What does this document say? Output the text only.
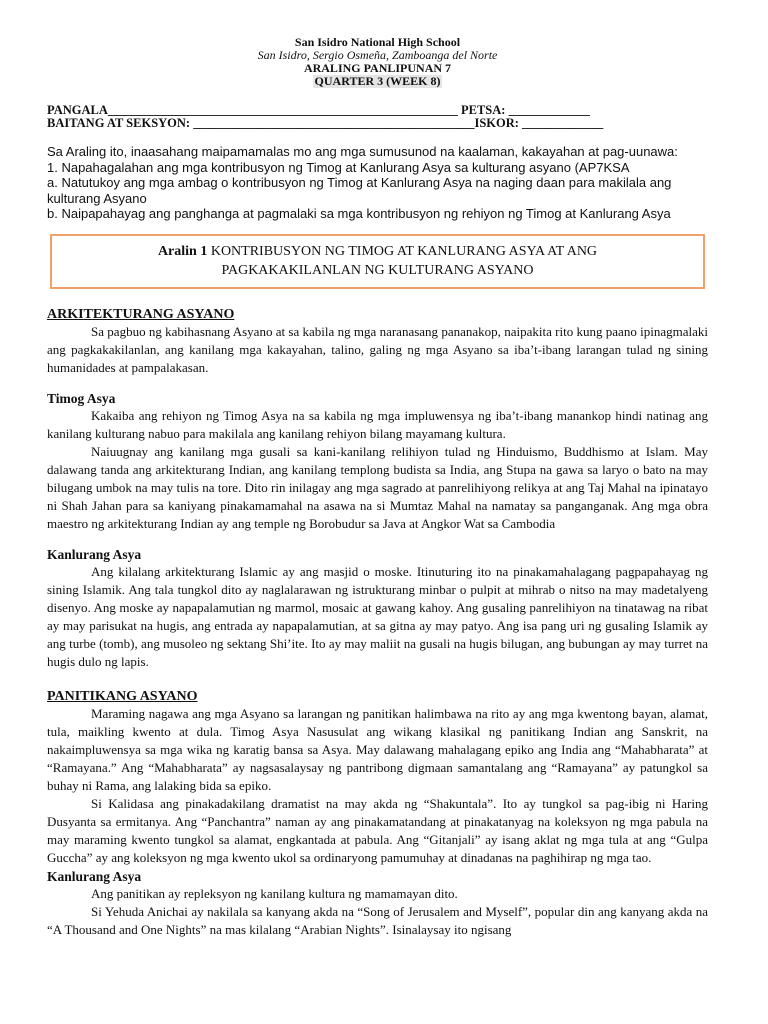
San Isidro National High School
San Isidro, Sergio Osmeña, Zamboanga del Norte
ARALING PANLIPUNAN 7
QUARTER 3 (WEEK 8)
PANGALA________________________________________________________ PETSA: _____________
BAITANG AT SEKSYON: _____________________________________________ISKOR: _____________
Sa Araling ito, inaasahang maipamamalas mo ang mga sumusunod na kaalaman, kakayahan at pag-uunawa:
1. Napahagalahan ang mga kontribusyon ng Timog at Kanlurang Asya sa kulturang asyano (AP7KSA
a. Natutukoy ang mga ambag o kontribusyon ng Timog at Kanlurang Asya na naging daan para makilala ang kulturang Asyano
b. Naipapahayag ang panghanga at pagmalaki sa mga kontribusyon ng rehiyon ng Timog at Kanlurang Asya
Aralin 1 KONTRIBUSYON NG TIMOG AT KANLURANG ASYA AT ANG
PAGKAKAKILANLAN NG KULTURANG ASYANO
ARKITEKTURANG ASYANO

Sa pagbuo ng kabihasnang Asyano at sa kabila ng mga naranasang pananakop, naipakita rito kung paano ipinagmalaki ang pagkakakilanlan, ang kanilang mga kakayahan, talino, galing ng mga Asyano sa iba’t-ibang larangan tulad ng sining humanidades at pampalakasan.

Timog Asya

Kakaiba ang rehiyon ng Timog Asya na sa kabila ng mga impluwensya ng iba’t-ibang manankop hindi natinag ang kanilang kulturang nabuo para makilala ang kanilang rehiyon bilang mayamang kultura.

Naiuugnay ang kanilang mga gusali sa kani-kanilang relihiyon tulad ng Hinduismo, Buddhismo at Islam. May dalawang tanda ang arkitekturang Indian, ang kanilang templong budista sa India, ang Stupa na gawa sa laryo o bato na may bilugang umbok na may tulis na tore. Dito rin inilagay ang mga sagrado at panrelihiyong relikya at ang Taj Mahal na ipinatayo ni Shah Jahan para sa kaniyang pinakamamahal na asawa na si Mumtaz Mahal na namatay sa panganganak. Ang mga obra maestro ng arkitekturang Indian ay ang temple ng Borobudur sa Java at Angkor Wat sa Cambodia

Kanlurang Asya

Ang kilalang arkitekturang Islamic ay ang masjid o moske. Itinuturing ito na pinakamahalagang pagpapahayag ng sining Islamik. Ang tala tungkol dito ay naglalarawan ng istrukturang minbar o pulpit at mihrab o nitso na may madetalyeng disenyo. Ang moske ay napapalamutian ng marmol, mosaic at gawang kahoy. Ang gusaling panrelihiyon na tinatawag na ribat ay may parisukat na hugis, ang entrada ay napapalamutian, at sa gitna ay may patyo. Ang isa pang uri ng gusaling Islamik ay ang turbe (tomb), ang musoleo ng sektang Shi’ite. Ito ay may maliit na gusali na hugis bilugan, ang bubungan ay may turret na hugis dulo ng lapis.

PANITIKANG ASYANO

Maraming nagawa ang mga Asyano sa larangan ng panitikan halimbawa na rito ay ang mga kwentong bayan, alamat, tula, maikling kwento at dula. Timog Asya Nasusulat ang wikang klasikal ng panitikang Indian ang Sanskrit, na nakaimpluwensya sa mga wika ng karatig bansa sa Asya. May dalawang mahalagang epiko ang India ang “Mahabharata” at “Ramayana.” Ang “Mahabharata” ay nagsasalaysay ng pantribong digmaan samantalang ang “Ramayana” ay patungkol sa buhay ni Rama, ang lalaking bida sa epiko.

Si Kalidasa ang pinakadakilang dramatist na may akda ng “Shakuntala”. Ito ay tungkol sa pag-ibig ni Haring Dusyanta sa ermitanya. Ang “Panchantra” naman ay ang pinakamatandang at pinakatanyag na koleksyon ng mga pabula na may maraming kwento tungkol sa alamat, engkantada at pabula. Ang “Gitanjali” ay isang aklat ng mga tula at ang “Gulpa Guccha” ay ang koleksyon ng mga kwento ukol sa ordinaryong pamumuhay at dinadanas na paghihirap ng mga tao.

Kanlurang Asya

Ang panitikan ay repleksyon ng kanilang kultura ng mamamayan dito.

Si Yehuda Anichai ay nakilala sa kanyang akda na “Song of Jerusalem and Myself”, popular din ang kanyang akda na “A Thousand and One Nights” na mas kilalang “Arabian Nights”. Isinalaysay ito ngisang
